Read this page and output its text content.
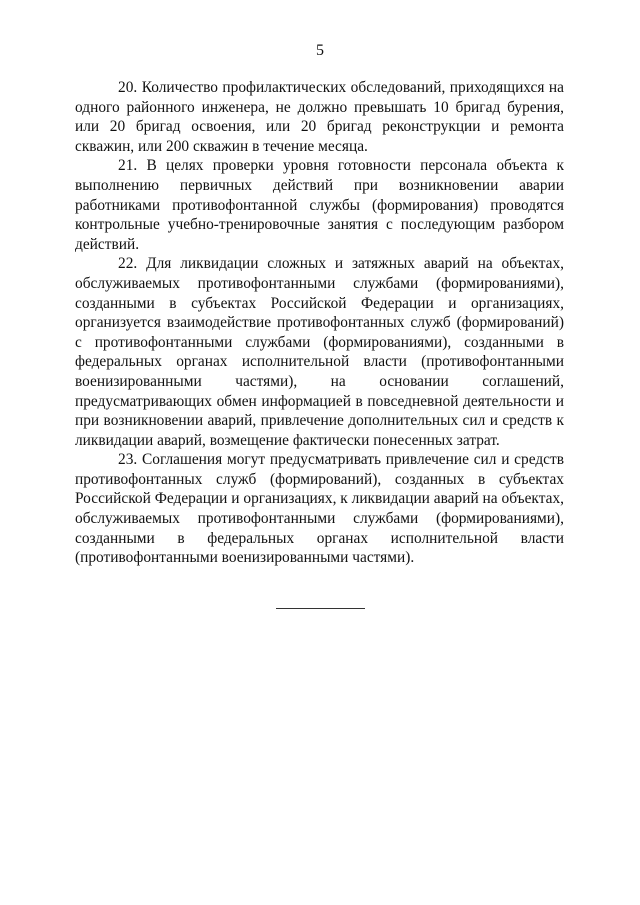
5

20. Количество профилактических обследований, приходящихся на одного районного инженера, не должно превышать 10 бригад бурения, или 20 бригад освоения, или 20 бригад реконструкции и ремонта скважин, или 200 скважин в течение месяца.

21. В целях проверки уровня готовности персонала объекта к выполнению первичных действий при возникновении аварии работниками противофонтанной службы (формирования) проводятся контрольные учебно-тренировочные занятия с последующим разбором действий.

22. Для ликвидации сложных и затяжных аварий на объектах, обслуживаемых противофонтанными службами (формированиями), созданными в субъектах Российской Федерации и организациях, организуется взаимодействие противофонтанных служб (формирований) с противофонтанными службами (формированиями), созданными в федеральных органах исполнительной власти (противофонтанными военизированными частями), на основании соглашений, предусматривающих обмен информацией в повседневной деятельности и при возникновении аварий, привлечение дополнительных сил и средств к ликвидации аварий, возмещение фактически понесенных затрат.

23. Соглашения могут предусматривать привлечение сил и средств противофонтанных служб (формирований), созданных в субъектах Российской Федерации и организациях, к ликвидации аварий на объектах, обслуживаемых противофонтанными службами (формированиями), созданными в федеральных органах исполнительной власти (противофонтанными военизированными частями).
